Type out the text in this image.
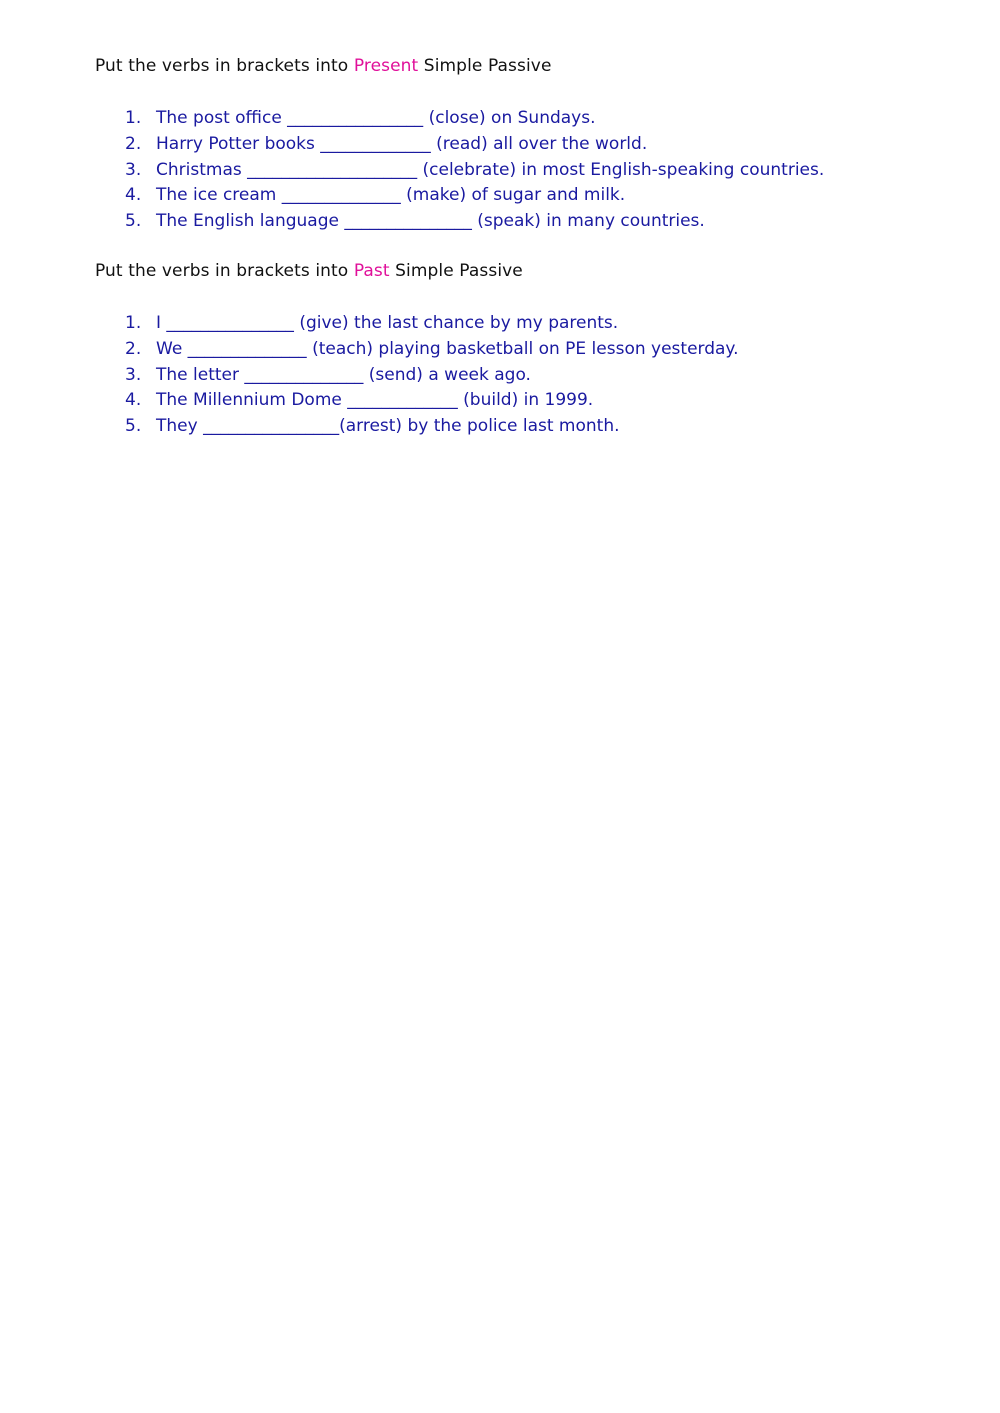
Put the verbs in brackets into Present Simple Passive
1. The post office ________________ (close) on Sundays.
2. Harry Potter books _____________ (read) all over the world.
3. Christmas ____________________ (celebrate) in most English-speaking countries.
4. The ice cream ______________ (make) of sugar and milk.
5. The English language _______________ (speak) in many countries.
Put the verbs in brackets into Past Simple Passive
1. I _______________ (give) the last chance by my parents.
2. We ______________ (teach) playing basketball on PE lesson yesterday.
3. The letter ______________ (send) a week ago.
4. The Millennium Dome _____________ (build) in 1999.
5. They ________________(arrest) by the police last month.
